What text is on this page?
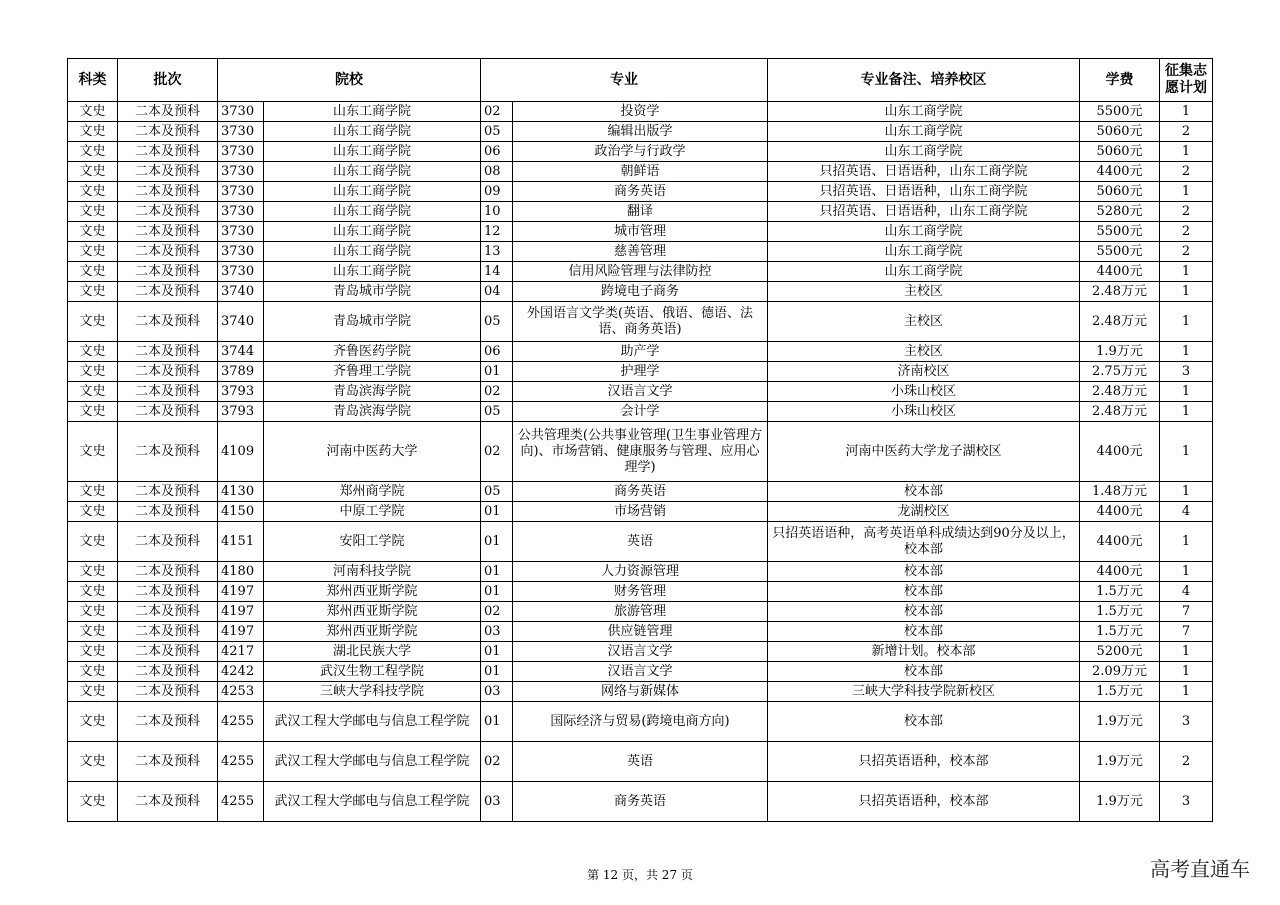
科类	批次	院校		专业		专业备注、培养校区	学费	征集志愿计划
文史	二本及预科	3730	山东工商学院	02	投资学	山东工商学院	5500元	1
文史	二本及预科	3730	山东工商学院	05	编辑出版学	山东工商学院	5060元	2
文史	二本及预科	3730	山东工商学院	06	政治学与行政学	山东工商学院	5060元	1
文史	二本及预科	3730	山东工商学院	08	朝鲜语	只招英语、日语语种，山东工商学院	4400元	2
文史	二本及预科	3730	山东工商学院	09	商务英语	只招英语、日语语种，山东工商学院	5060元	1
文史	二本及预科	3730	山东工商学院	10	翻译	只招英语、日语语种，山东工商学院	5280元	2
文史	二本及预科	3730	山东工商学院	12	城市管理	山东工商学院	5500元	2
文史	二本及预科	3730	山东工商学院	13	慈善管理	山东工商学院	5500元	2
文史	二本及预科	3730	山东工商学院	14	信用风险管理与法律防控	山东工商学院	4400元	1
文史	二本及预科	3740	青岛城市学院	04	跨境电子商务	主校区	2.48万元	1
文史	二本及预科	3740	青岛城市学院	05	外国语言文学类(英语、俄语、德语、法语、商务英语)	主校区	2.48万元	1
文史	二本及预科	3744	齐鲁医药学院	06	助产学	主校区	1.9万元	1
文史	二本及预科	3789	齐鲁理工学院	01	护理学	济南校区	2.75万元	3
文史	二本及预科	3793	青岛滨海学院	02	汉语言文学	小珠山校区	2.48万元	1
文史	二本及预科	3793	青岛滨海学院	05	会计学	小珠山校区	2.48万元	1
文史	二本及预科	4109	河南中医药大学	02	公共管理类(公共事业管理(卫生事业管理方向)、市场营销、健康服务与管理、应用心理学)	河南中医药大学龙子湖校区	4400元	1
文史	二本及预科	4130	郑州商学院	05	商务英语	校本部	1.48万元	1
文史	二本及预科	4150	中原工学院	01	市场营销	龙湖校区	4400元	4
文史	二本及预科	4151	安阳工学院	01	英语	只招英语语种，高考英语单科成绩达到90分及以上，校本部	4400元	1
文史	二本及预科	4180	河南科技学院	01	人力资源管理	校本部	4400元	1
文史	二本及预科	4197	郑州西亚斯学院	01	财务管理	校本部	1.5万元	4
文史	二本及预科	4197	郑州西亚斯学院	02	旅游管理	校本部	1.5万元	7
文史	二本及预科	4197	郑州西亚斯学院	03	供应链管理	校本部	1.5万元	7
文史	二本及预科	4217	湖北民族大学	01	汉语言文学	新增计划。校本部	5200元	1
文史	二本及预科	4242	武汉生物工程学院	01	汉语言文学	校本部	2.09万元	1
文史	二本及预科	4253	三峡大学科技学院	03	网络与新媒体	三峡大学科技学院新校区	1.5万元	1
文史	二本及预科	4255	武汉工程大学邮电与信息工程学院	01	国际经济与贸易(跨境电商方向)	校本部	1.9万元	3
文史	二本及预科	4255	武汉工程大学邮电与信息工程学院	02	英语	只招英语语种，校本部	1.9万元	2
文史	二本及预科	4255	武汉工程大学邮电与信息工程学院	03	商务英语	只招英语语种，校本部	1.9万元	3
第 12 页，共 27 页	高考直通车
